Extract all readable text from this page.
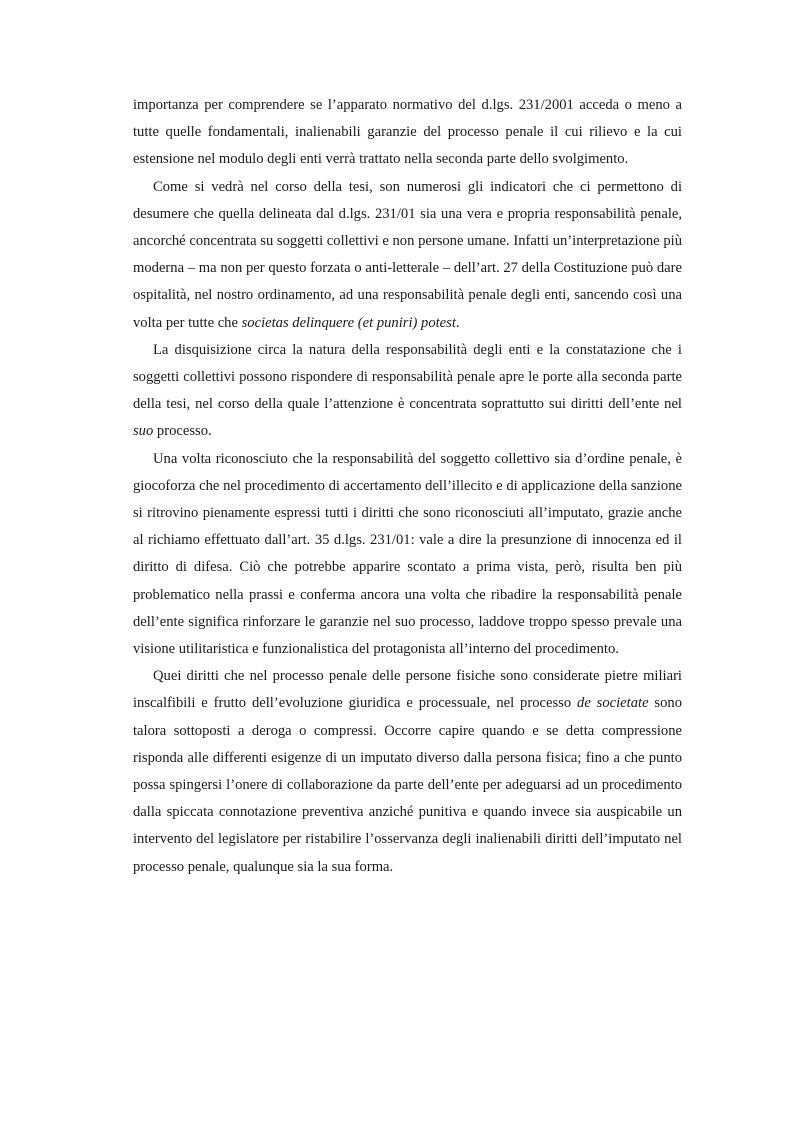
importanza per comprendere se l’apparato normativo del d.lgs. 231/2001 acceda o meno a tutte quelle fondamentali, inalienabili garanzie del processo penale il cui rilievo e la cui estensione nel modulo degli enti verrà trattato nella seconda parte dello svolgimento.

Come si vedrà nel corso della tesi, son numerosi gli indicatori che ci permettono di desumere che quella delineata dal d.lgs. 231/01 sia una vera e propria responsabilità penale, ancorché concentrata su soggetti collettivi e non persone umane. Infatti un’interpretazione più moderna – ma non per questo forzata o anti-letterale – dell’art. 27 della Costituzione può dare ospitalità, nel nostro ordinamento, ad una responsabilità penale degli enti, sancendo così una volta per tutte che societas delinquere (et puniri) potest.

La disquisizione circa la natura della responsabilità degli enti e la constatazione che i soggetti collettivi possono rispondere di responsabilità penale apre le porte alla seconda parte della tesi, nel corso della quale l’attenzione è concentrata soprattutto sui diritti dell’ente nel suo processo.

Una volta riconosciuto che la responsabilità del soggetto collettivo sia d’ordine penale, è giocoforza che nel procedimento di accertamento dell’illecito e di applicazione della sanzione si ritrovino pienamente espressi tutti i diritti che sono riconosciuti all’imputato, grazie anche al richiamo effettuato dall’art. 35 d.lgs. 231/01: vale a dire la presunzione di innocenza ed il diritto di difesa. Ciò che potrebbe apparire scontato a prima vista, però, risulta ben più problematico nella prassi e conferma ancora una volta che ribadire la responsabilità penale dell’ente significa rinforzare le garanzie nel suo processo, laddove troppo spesso prevale una visione utilitaristica e funzionalistica del protagonista all’interno del procedimento.

Quei diritti che nel processo penale delle persone fisiche sono considerate pietre miliari inscalfibili e frutto dell’evoluzione giuridica e processuale, nel processo de societate sono talora sottoposti a deroga o compressi. Occorre capire quando e se detta compressione risponda alle differenti esigenze di un imputato diverso dalla persona fisica; fino a che punto possa spingersi l’onere di collaborazione da parte dell’ente per adeguarsi ad un procedimento dalla spiccata connotazione preventiva anziché punitiva e quando invece sia auspicabile un intervento del legislatore per ristabilire l’osservanza degli inalienabili diritti dell’imputato nel processo penale, qualunque sia la sua forma.
